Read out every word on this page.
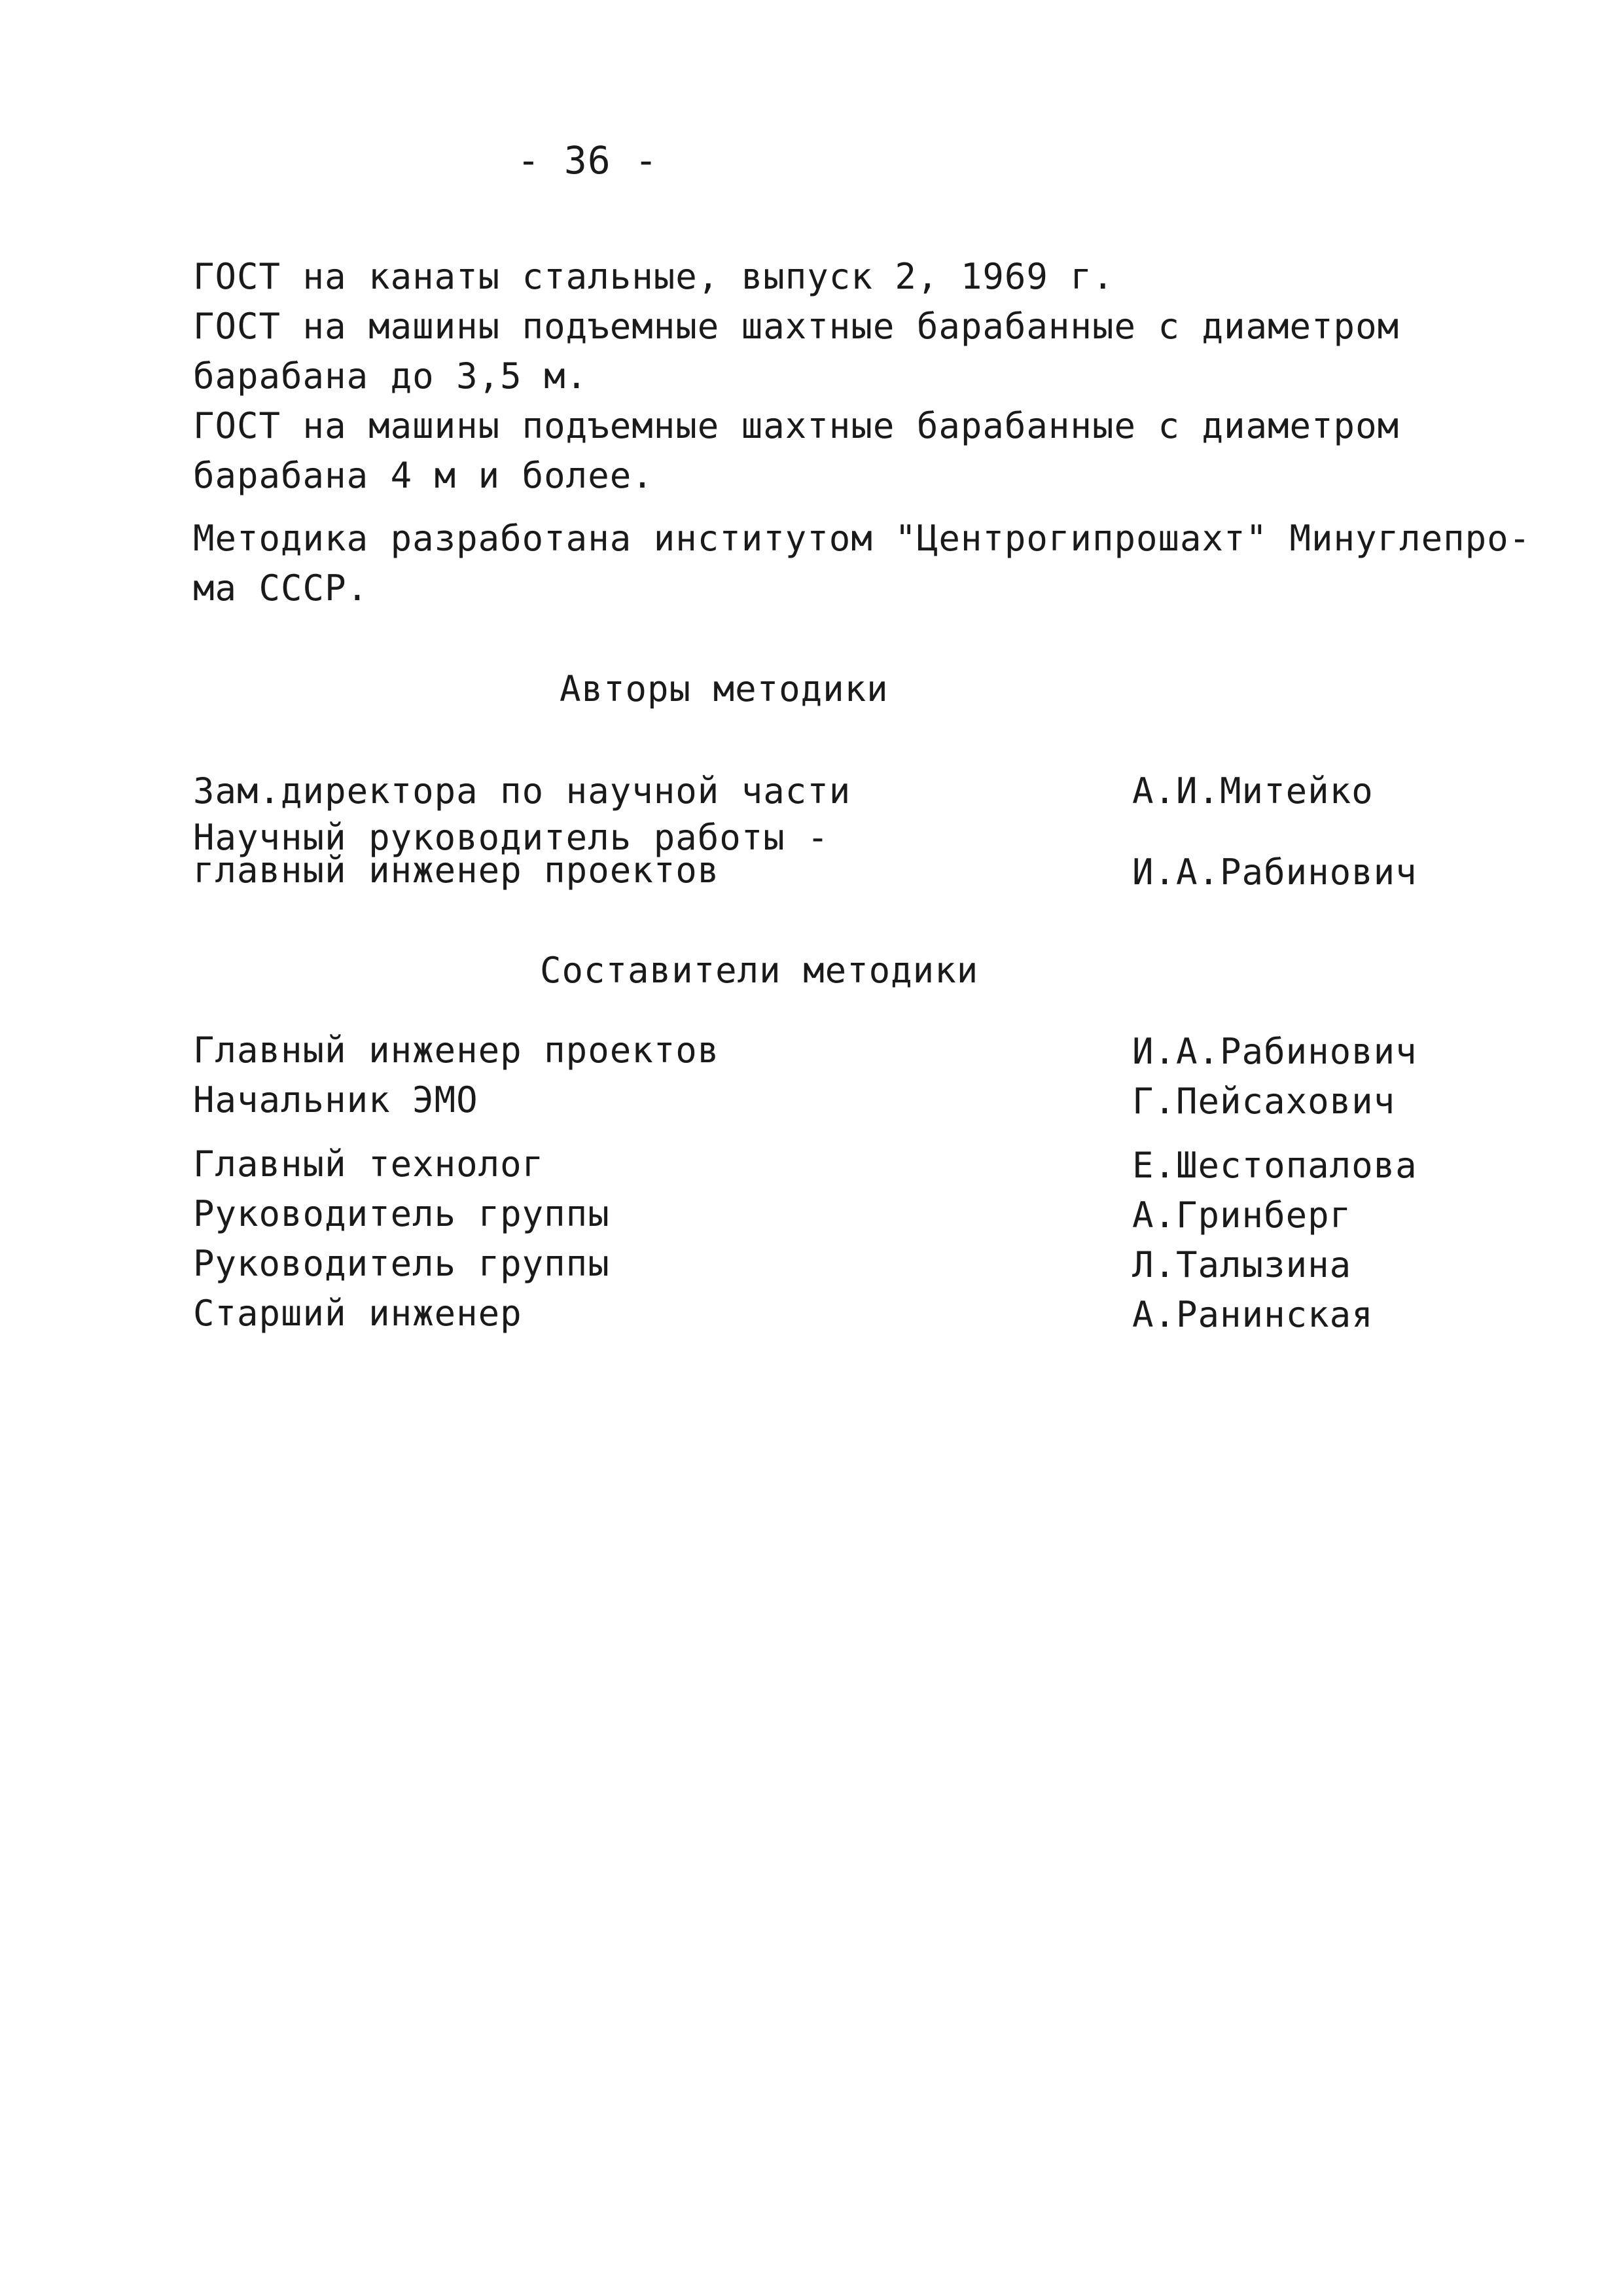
- 36 -
ГОСТ на канаты стальные, выпуск 2, 1969 г.
ГОСТ на машины подъемные шахтные барабанные с диаметром
барабана до 3,5 м.
ГОСТ на машины подъемные шахтные барабанные с диаметром
барабана 4 м и более.
Методика разработана институтом "Центрогипрошахт" Минуглепро-
ма СССР.
Авторы методики
Зам.директора по научной части	А.И.Митейко
Научный руководитель работы -
главный инженер проектов	И.А.Рабинович
Составители методики
Главный инженер проектов	И.А.Рабинович
Начальник ЭМО	Г.Пейсахович
Главный технолог	Е.Шестопалова
Руководитель группы	А.Гринберг
Руководитель группы	Л.Талызина
Старший инженер	А.Ранинская
